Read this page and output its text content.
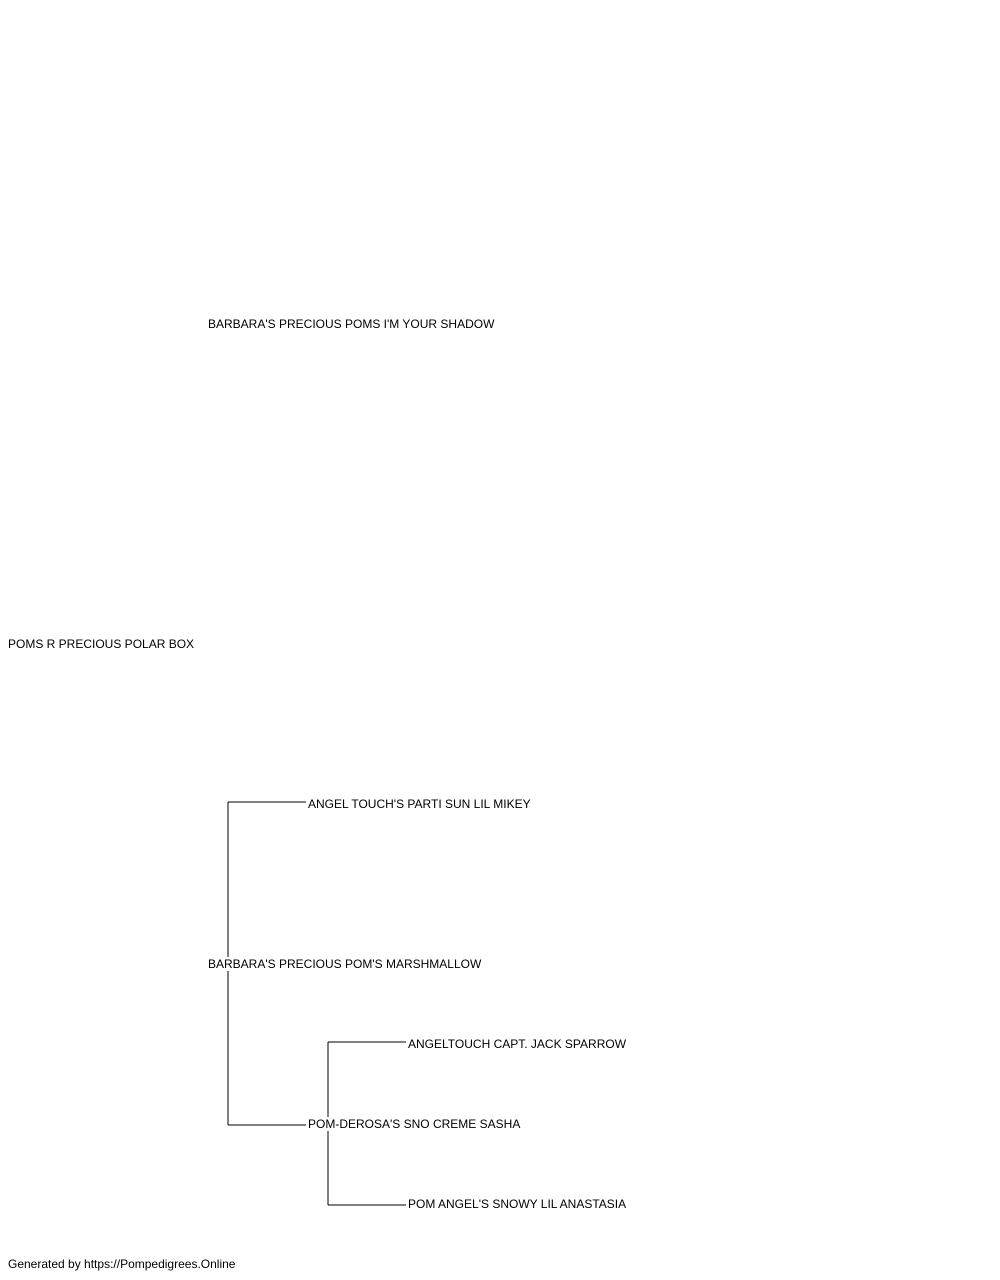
POMS R PRECIOUS POLAR BOX
BARBARA'S PRECIOUS POMS I'M YOUR SHADOW
BARBARA'S PRECIOUS POM'S MARSHMALLOW
ANGEL TOUCH'S PARTI SUN LIL MIKEY
POM-DEROSA'S SNO CREME SASHA
ANGELTOUCH CAPT. JACK SPARROW
POM ANGEL'S SNOWY LIL ANASTASIA
Generated by https://Pompedigrees.Online
